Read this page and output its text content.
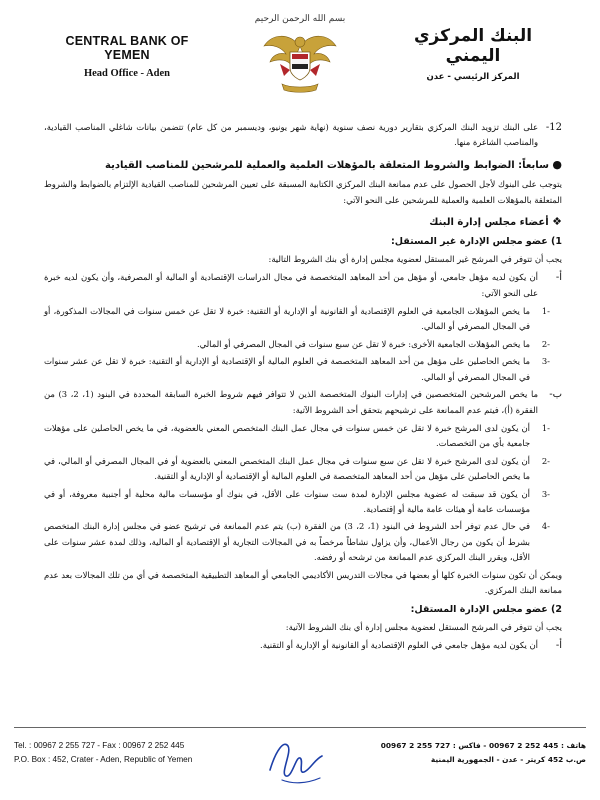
CENTRAL BANK OF YEMEN
Head Office - Aden
بسم الله الرحمن الرحيم
البنك المركزي اليمني
المركز الرئيسي - عدن
12-
على البنك تزويد البنك المركزي بتقارير دورية نصف سنوية (نهاية شهر يونيو، وديسمبر من كل عام) تتضمن بيانات شاغلي المناصب القيادية، والمناصب الشاغرة منها.
● سابعاً: الضوابط والشروط المتعلقة بالمؤهلات العلمية والعملية للمرشحين للمناصب القيادية

يتوجب على البنوك لأجل الحصول على عدم ممانعة البنك المركزي الكتابية المسبقة على تعيين المرشحين للمناصب القيادية الإلتزام بالضوابط والشروط المتعلقة بالمؤهلات العلمية والعملية للمرشحين على النحو الآتي:

❖ أعضاء مجلس إدارة البنك
1) عضو مجلس الإدارة غير المستقل:

يجب أن تتوفر في المرشح غير المستقل لعضوية مجلس إدارة أي بنك الشروط التالية:

أ-
أن يكون لديه مؤهل جامعي، أو مؤهل من أحد المعاهد المتخصصة في مجال الدراسات الإقتصادية أو المالية أو المصرفية، وأن يكون لديه خبرة على النحو الآتي:
-1
ما يخص المؤهلات الجامعية في العلوم الإقتصادية أو القانونية أو الإدارية أو التقنية: خبرة لا تقل عن خمس سنوات في المجالات المذكورة، أو في المجال المصرفي أو المالي.
-2
ما يخص المؤهلات الجامعية الأخرى: خبرة لا تقل عن سبع سنوات في المجال المصرفي أو المالي.
-3
ما يخص الحاصلين على مؤهل من أحد المعاهد المتخصصة في العلوم المالية أو الإقتصادية أو الإدارية أو التقنية: خبرة لا تقل عن عشر سنوات في المجال المصرفي أو المالي.
ب-
ما يخص المرشحين المتخصصين في إدارات البنوك المتخصصة الذين لا تتوافر فيهم شروط الخبرة السابقة المحددة في البنود (1، 2، 3) من الفقرة (أ)، فيتم عدم الممانعة على ترشيحهم بتحقق أحد الشروط الآتية:
-1
أن يكون لدى المرشح خبرة لا تقل عن خمس سنوات في مجال عمل البنك المتخصص المعني بالعضوية، في ما يخص الحاصلين على مؤهلات جامعية بأي من التخصصات.
-2
أن يكون لدى المرشح خبرة لا تقل عن سبع سنوات في مجال عمل البنك المتخصص المعني بالعضوية أو في المجال المصرفي أو المالي، في ما يخص الحاصلين على مؤهل من أحد المعاهد المتخصصة في العلوم المالية أو الإقتصادية أو الإدارية أو التقنية.
-3
أن يكون قد سبقت له عضوية مجلس الإدارة لمدة ست سنوات على الأقل، في بنوك أو مؤسسات مالية محلية أو أجنبية معروفة، أو في مؤسسات عامة أو هيئات عامة مالية أو إقتصادية.
-4
في حال عدم توفر أحد الشروط في البنود (1، 2، 3) من الفقرة (ب) يتم عدم الممانعة في ترشيح عضو في مجلس إدارة البنك المتخصص بشرط أن يكون من رجال الأعمال، وأن يزاول نشاطاً مرخصاً به في المجالات التجارية أو الإقتصادية أو المالية، وذلك لمدة عشر سنوات على الأقل، ويقرر البنك المركزي عدم الممانعة من ترشحه أو رفضه.

ويمكن أن تكون سنوات الخبرة كلها أو بعضها في مجالات التدريس الأكاديمي الجامعي أو المعاهد التطبيقية المتخصصة في أي من تلك المجالات بعد عدم ممانعة البنك المركزي.

2) عضو مجلس الإدارة المستقل:

يجب أن تتوفر في المرشح المستقل لعضوية مجلس إدارة أي بنك الشروط الآتية:

أ-
أن يكون لديه مؤهل جامعي في العلوم الإقتصادية أو القانونية أو الإدارية أو التقنية.
Tel. : 00967 2 255 727 - Fax : 00967 2 252 445
P.O. Box : 452, Crater - Aden, Republic of Yemen
هاتف : 445 252 2 00967 - فاكس : 727 255 2 00967
ص.ب 452 كريتر - عدن - الجمهورية اليمنية
